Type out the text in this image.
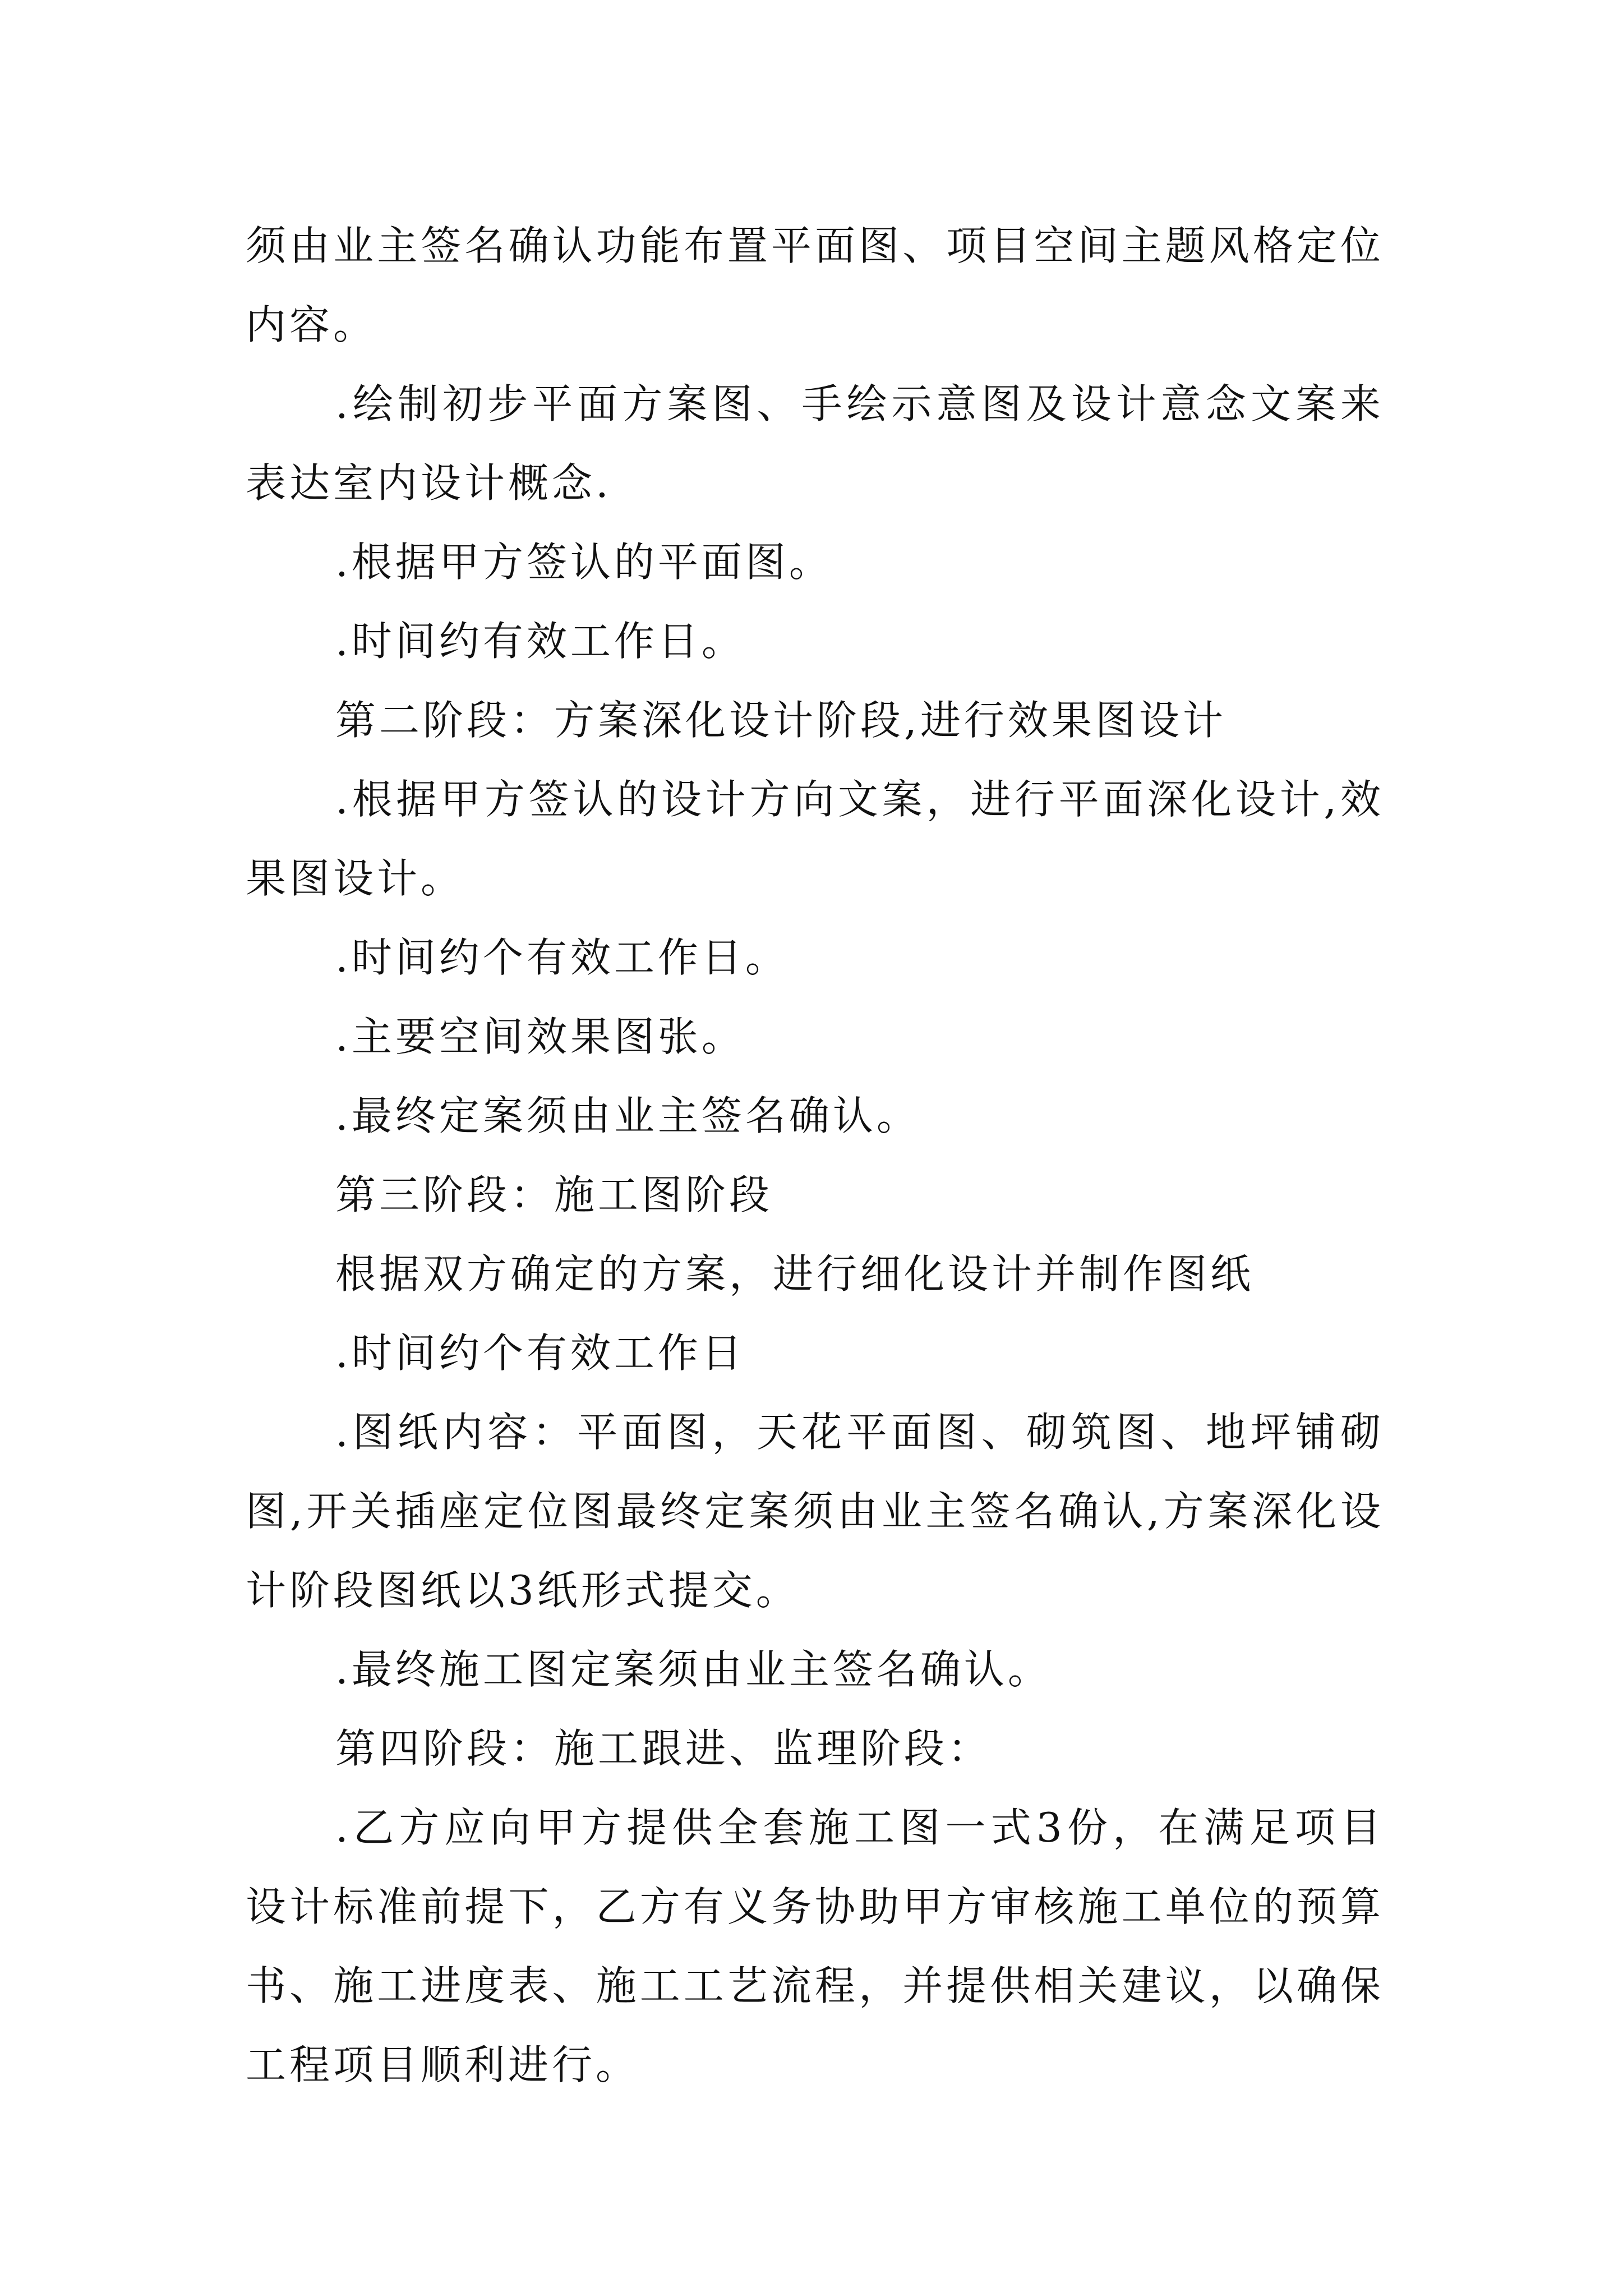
须由业主签名确认功能布置平面图、项目空间主题风格定位内容。

.绘制初步平面方案图、手绘示意图及设计意念文案来表达室内设计概念.

.根据甲方签认的平面图。

.时间约有效工作日。

第二阶段：方案深化设计阶段,进行效果图设计

.根据甲方签认的设计方向文案，进行平面深化设计,效果图设计。

.时间约个有效工作日。

.主要空间效果图张。

.最终定案须由业主签名确认。

第三阶段：施工图阶段

根据双方确定的方案，进行细化设计并制作图纸

.时间约个有效工作日

.图纸内容：平面图，天花平面图、砌筑图、地坪铺砌图,开关插座定位图最终定案须由业主签名确认,方案深化设计阶段图纸以3纸形式提交。

.最终施工图定案须由业主签名确认。

第四阶段：施工跟进、监理阶段：

.乙方应向甲方提供全套施工图一式3份，在满足项目设计标准前提下，乙方有义务协助甲方审核施工单位的预算书、施工进度表、施工工艺流程，并提供相关建议，以确保工程项目顺利进行。
